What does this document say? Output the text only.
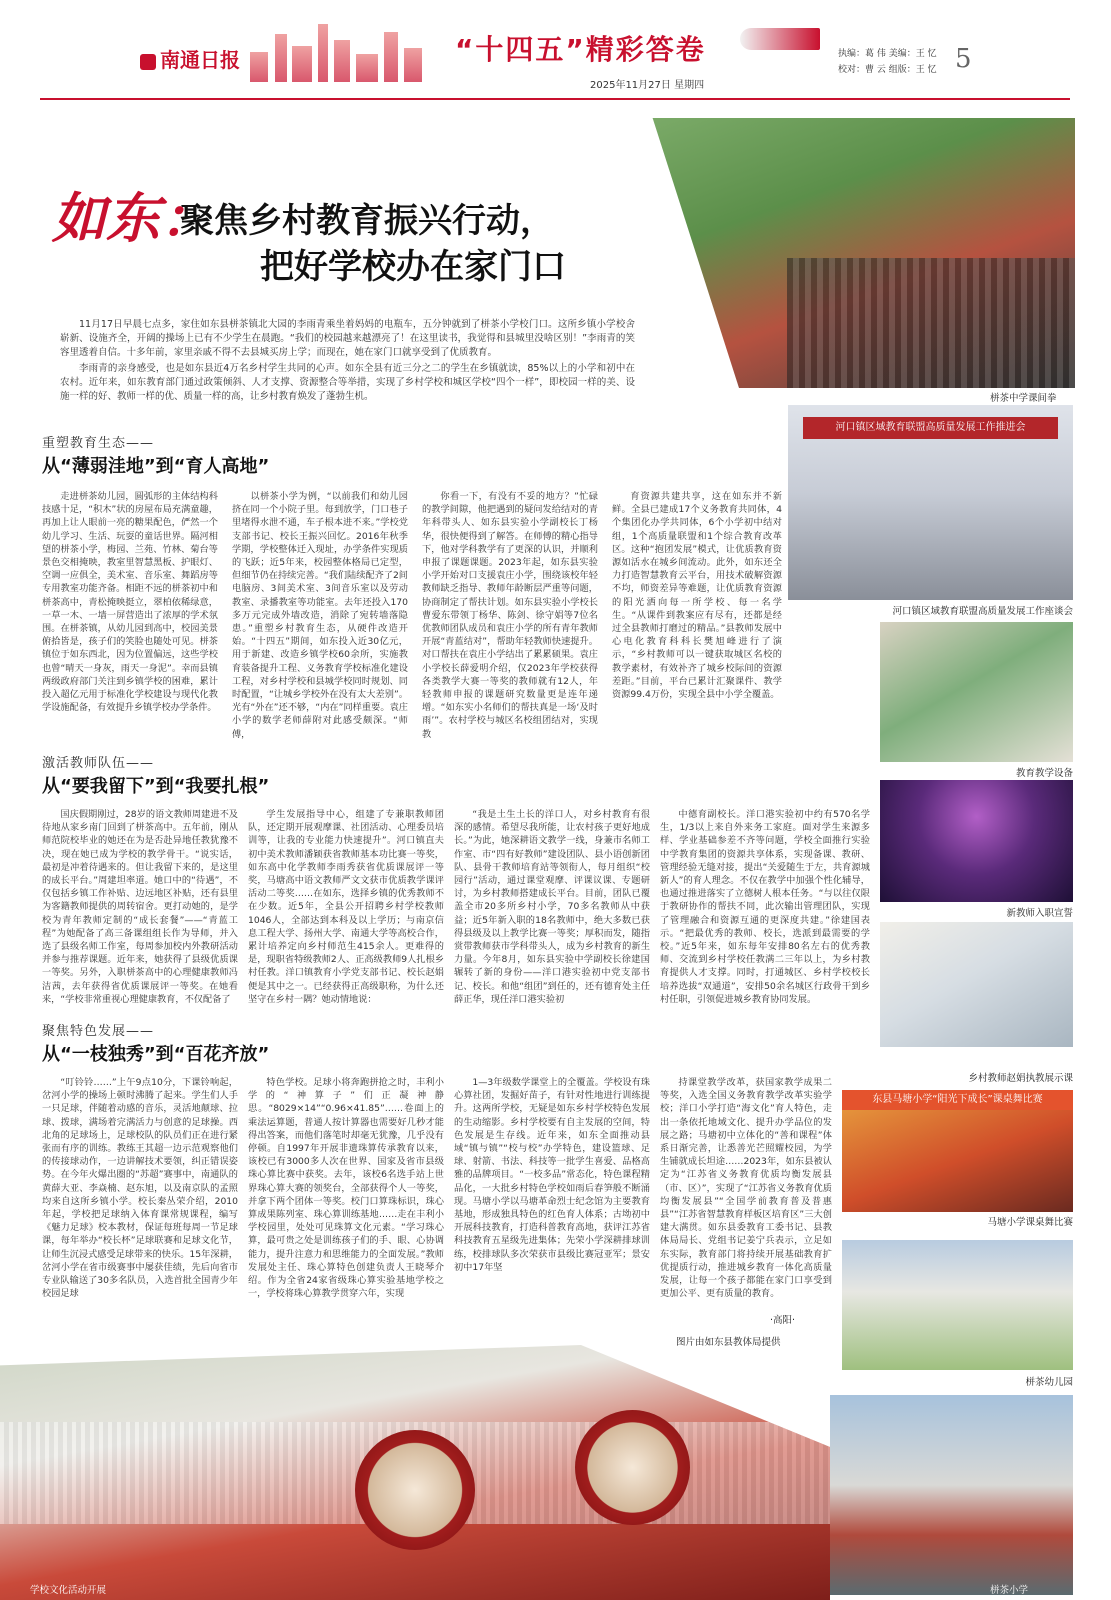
南通日报	“十四五”精彩答卷
2025年11月27日 星期四
执编：葛 伟 美编：王 忆
校对：曹 云 组版：王 忆 5
栟茶中学课间拳
如东：
聚焦乡村教育振兴行动，
把好学校办在家门口

11月17日早晨七点多，家住如东县栟茶镇北大园的李雨青乘坐着妈妈的电瓶车，五分钟就到了栟茶小学校门口。这所乡镇小学校舍崭新、设施齐全，开阔的操场上已有不少学生在晨跑。“我们的校园越来越漂亮了！在这里读书，我觉得和县城里没啥区别！”李雨青的笑容里透着自信。十多年前，家里亲戚不得不去县城买房上学；而现在，她在家门口就享受到了优质教育。

李雨青的亲身感受，也是如东县近4万名乡村学生共同的心声。如东全县有近三分之二的学生在乡镇就读，85%以上的小学和初中在农村。近年来，如东教育部门通过政策倾斜、人才支撑、资源整合等举措，实现了乡村学校和城区学校“四个一样”，即校园一样的美、设施一样的好、教师一样的优、质量一样的高，让乡村教育焕发了蓬勃生机。

重塑教育生态——
从“薄弱洼地”到“育人高地”

走进栟茶幼儿园，圆弧形的主体结构科技感十足，“积木”状的房屋布局充满童趣，再加上让人眼前一亮的糖果配色，俨然一个幼儿学习、生活、玩耍的童话世界。隔河相望的栟茶小学，梅园、兰苑、竹林、菊台等景色交相掩映，教室里智慧黑板、护眼灯、空调一应俱全，美术室、音乐室、舞蹈房等专用教室功能齐备。相距不远的栟茶初中和栟茶高中，青松掩映挺立，翠柏依稀绿意，一草一木、一墙一屏营造出了浓厚的学术氛围。在栟茶镇，从幼儿园到高中，校园美景俯拾皆是，孩子们的笑脸也随处可见。栟茶镇位于如东西北，因为位置偏远，这些学校也曾“晴天一身灰，雨天一身泥”。幸而县镇两级政府部门关注到乡镇学校的困难，累计投入超亿元用于标准化学校建设与现代化教学设施配备，有效提升乡镇学校办学条件。

以栟茶小学为例，“以前我们和幼儿园挤在同一个小院子里。每到放学，门口巷子里堵得水泄不通，车子根本进不来。”学校党支部书记、校长王振兴回忆。2016年秋季学期，学校整体迁入现址，办学条件实现质的飞跃；近5年来，校园整体格局已定型，但细节仍在持续完善。“我们陆续配齐了2间电脑房、3间美术室、3间音乐室以及劳动教室、录播教室等功能室。去年还投入170多万元完成外墙改造，消除了宛转墙落隐患。”重塑乡村教育生态，从硬件改造开始。“十四五”期间，如东投入近30亿元，用于新建、改造乡镇学校60余所，实施教育装备提升工程、义务教育学校标准化建设工程，对乡村学校和县城学校同时规划、同时配置，“让城乡学校外在没有太大差别”。光有“外在”还不够，“内在”同样重要。袁庄小学的数学老师薛附对此感受颇深。“师傅，

你看一下，有没有不妥的地方？”忙碌的教学间隙，他把遇到的疑问发给结对的青年科带头人、如东县实验小学副校长丁杨华，很快便得到了解答。在师傅的精心指导下，他对学科教学有了更深的认识，并顺利申报了课题课题。2023年起，如东县实验小学开始对口支援袁庄小学，围绕该校年轻教师缺乏指导、教师年龄断层严重等问题，协商制定了帮扶计划。如东县实验小学校长曹爱东带领丁杨华、陈剑、徐守娟等7位名优教师团队成员和袁庄小学的所有青年教师开展“青蓝结对”，帮助年轻教师快速提升。对口帮扶在袁庄小学结出了累累硕果。袁庄小学校长薛爱明介绍，仅2023年学校获得各类教学大赛一等奖的教师就有12人，年轻教师申报的课题研究数量更是连年递增。“如东实小名师们的帮扶真是一场‘及时雨’”。农村学校与城区名校组团结对，实现教

育资源共建共享，这在如东并不新鲜。全县已建成17个义务教育共同体，4个集团化办学共同体，6个小学初中结对组，1个高质量联盟和1个综合教育改革区。这种“抱团发展”模式，让优质教育资源如活水在城乡间流动。此外，如东还全力打造智慧教育云平台，用技术破解资源不均，师资差异等难题，让优质教育资源的阳光洒向每一所学校、每一名学生。“从课件到教案应有尽有，还都是经过全县教师打磨过的精品。”县教师发展中心电化教育科科长樊旭峰进行了演示，“乡村教师可以一键获取城区名校的教学素材，有效补齐了城乡校际间的资源差距。”目前，平台已累计汇聚课件、教学资源99.4万份，实现全县中小学全覆盖。

河口镇区域教育联盟高质量发展工作推进会
河口镇区域教育联盟高质量发展工作座谈会
教育教学设备
激活教师队伍——
从“要我留下”到“我要扎根”

国庆假期刚过，28岁的语文教师周建进不及待地从家乡南门回到了栟茶高中。五年前，刚从师范院校毕业的她还在为是否赴异地任教犹豫不决，现在她已成为学校的教学骨干。“说实话，最初是冲着待遇来的。但让我留下来的，是这里的成长平台。”周建坦率道。她口中的“待遇”，不仅包括乡镇工作补贴、边远地区补贴，还有县里为客籍教师提供的周转宿舍。更打动她的，是学校为青年教师定制的“成长套餐”——“青蓝工程”为她配备了高三备课组组长作为导师，并入选了县级名师工作室，每周参加校内外教研活动并参与推荐课题。近年来，她获得了县级优质课一等奖。另外，入职栟茶高中的心理健康教师冯洁茜，去年获得省优质课展评一等奖。在她看来，“学校非常重视心理健康教育，不仅配备了

学生发展指导中心，组建了专兼职教师团队，还定期开展观摩课、社团活动、心理委员培训等，让我的专业能力快速提升”。河口镇直夫初中美术教师潘颖获省教师基本功比赛一等奖，如东高中化学教师李雨秀获省优质课展评一等奖，马塘高中语文教师严文文获市优质教学课评活动二等奖……在如东，选择乡镇的优秀教师不在少数。近5年，全县公开招聘乡村学校教师1046人，全部达到本科及以上学历；与南京信息工程大学、扬州大学、南通大学等高校合作，累计培养定向乡村师范生415余人。更难得的是，现职省特级教师2人、正高级教师9人扎根乡村任教。洋口镇教育小学党支部书记、校长赵娟便是其中之一。已经获得正高级职称，为什么还坚守在乡村一隅？她动情地说：

“我是土生土长的洋口人，对乡村教育有很深的感情。希望尽我所能，让农村孩子更好地成长。”为此，她深耕语文教学一线，身兼市名师工作室、市“四有好教师”建设团队、县小语创新团队、县骨干教师培育站等领衔人，每月组织“校园行”活动，通过课堂观摩、评课议课、专题研讨，为乡村教师搭建成长平台。目前，团队已覆盖全市20多所乡村小学，70多名教师从中获益；近5年新入职的18名教师中，绝大多数已获得县级及以上教学比赛一等奖；厚积而发，随指赏带教师获市学科带头人，成为乡村教育的新生力量。今年8月，如东县实验中学副校长徐建国辗转了新的身份——洋口港实验初中党支部书记、校长。和他“组团”到任的，还有德育处主任薛正华，现任洋口港实验初

中德育副校长。洋口港实验初中约有570名学生，1/3以上来自外来务工家庭。面对学生来源多样、学业基础参差不齐等问题，学校全面推行实验中学教育集团的资源共享体系，实现备课、教研、管理经验无缝对接，提出“关爱随生于左，共育源城新人”的育人理念。不仅在教学中加强个性化辅导，也通过推进落实了立德树人根本任务。“与以往仅限于教研协作的帮扶不同，此次输出管理团队，实现了管理融合和资源互通的更深度共建。”徐建国表示。“把最优秀的教师、校长，选派到最需要的学校。”近5年来，如东每年安排80名左右的优秀教师、交流到乡村学校任教满二三年以上，为乡村教育提供人才支撑。同时，打通城区、乡村学校校长培养选拔“双通道”，安排50余名城区行政骨干到乡村任职，引领促进城乡教育协同发展。

新教师入职宣誓
乡村教师赵娟执教展示课
聚焦特色发展——
从“一枝独秀”到“百花齐放”

“叮铃铃……”上午9点10分，下课铃响起，岔河小学的操场上顿时沸腾了起来。学生们人手一只足球，伴随着动感的音乐，灵活地颠球、拉球、拨球，满场着完满活力与创意的足球操。西北角的足球场上，足球校队的队员们正在进行紧张而有序的训练。教练王其超一边示范观察他们的传接球动作，一边讲解技术要领，纠正错误姿势。在今年火爆出圈的“苏超”赛事中，南通队的黄薛大亚、李焱楠、赵东旭，以及南京队的孟照均来自这所乡镇小学。校长秦丛荣介绍，2010年起，学校把足球纳入体育课常规课程，编写《魅力足球》校本教材，保证每班每周一节足球课，每年举办“校长杯”足球联赛和足球文化节，让师生沉浸式感受足球带来的快乐。15年深耕，岔河小学在省市级赛事中屡获佳绩，先后向省市专业队输送了30多名队员，入选首批全国青少年校园足球

特色学校。足球小将奔跑拼抢之时，丰利小学的“神算子”们正凝神静思。“8029×14”“0.96×41.85”……卷面上的乘法运算题，普通人按计算器也需要好几秒才能得出答案，而他们落笔时却毫无犹豫，几乎没有停顿。自1997年开展非遗珠算传承教育以来，该校已有3000多人次在世界、国家及省市县级珠心算比赛中获奖。去年，该校6名选手站上世界珠心算大赛的领奖台，全部获得个人一等奖，并拿下两个团体一等奖。校门口算珠标识，珠心算成果陈列室、珠心算训练基地……走在丰利小学校园里，处处可见珠算文化元素。“学习珠心算，最可贵之处是训练孩子们的手、眼、心协调能力，提升注意力和思维能力的全面发展。”教师发展处主任、珠心算特色创建负责人王晓琴介绍。作为全省24家省级珠心算实验基地学校之一，学校将珠心算教学贯穿六年，实现

1—3年级数学课堂上的全覆盖。学校设有珠心算社团，发掘好苗子，有针对性地进行训练提升。这两所学校，无疑是如东乡村学校特色发展的生动缩影。乡村学校要有自主发展的空间，特色发展是生存线。近年来，如东全面推动县域“镇与镇”“校与校”办学特色，建设篮球、足球、射箭、书法、科技等一批学生喜爱、品格高雅的品牌项目。“一校多品”常态化，特色课程精品化，一大批乡村特色学校如雨后春笋般不断涌现。马塘小学以马塘革命烈士纪念馆为主要教育基地，形成独具特色的红色育人体系；古坳初中开展科技教育，打造科普教育高地，获评江苏省科技教育五星级先进集体；先荣小学深耕排球训练，校排球队多次荣获市县级比赛冠亚军；景安初中17年坚

持课堂教学改革，获国家教学成果二等奖，入选全国义务教育教学改革实验学校；洋口小学打造“海文化”育人特色，走出一条依托地域文化、提升办学品位的发展之路；马塘初中立体化的“善和课程”体系日渐完善，让悉善光芒照耀校园，为学生铺就成长坦途……2023年，如东县被认定为“江苏省义务教育优质均衡发展县（市、区）”，实现了“江苏省义务教育优质均衡发展县”“全国学前教育普及普惠县”“江苏省智慧教育样板区培育区”三大创建大满贯。如东县委教育工委书记、县教体局局长、党组书记姜宁兵表示，立足如东实际，教育部门将持续开展基础教育扩优提质行动，推进城乡教育一体化高质量发展，让每一个孩子都能在家门口享受到更加公平、更有质量的教育。

·高阳·
图片由如东县教体局提供
东县马塘小学“阳光下成长”课桌舞比赛
马塘小学课桌舞比赛
栟茶幼儿园
学校文化活动开展	栟茶小学
